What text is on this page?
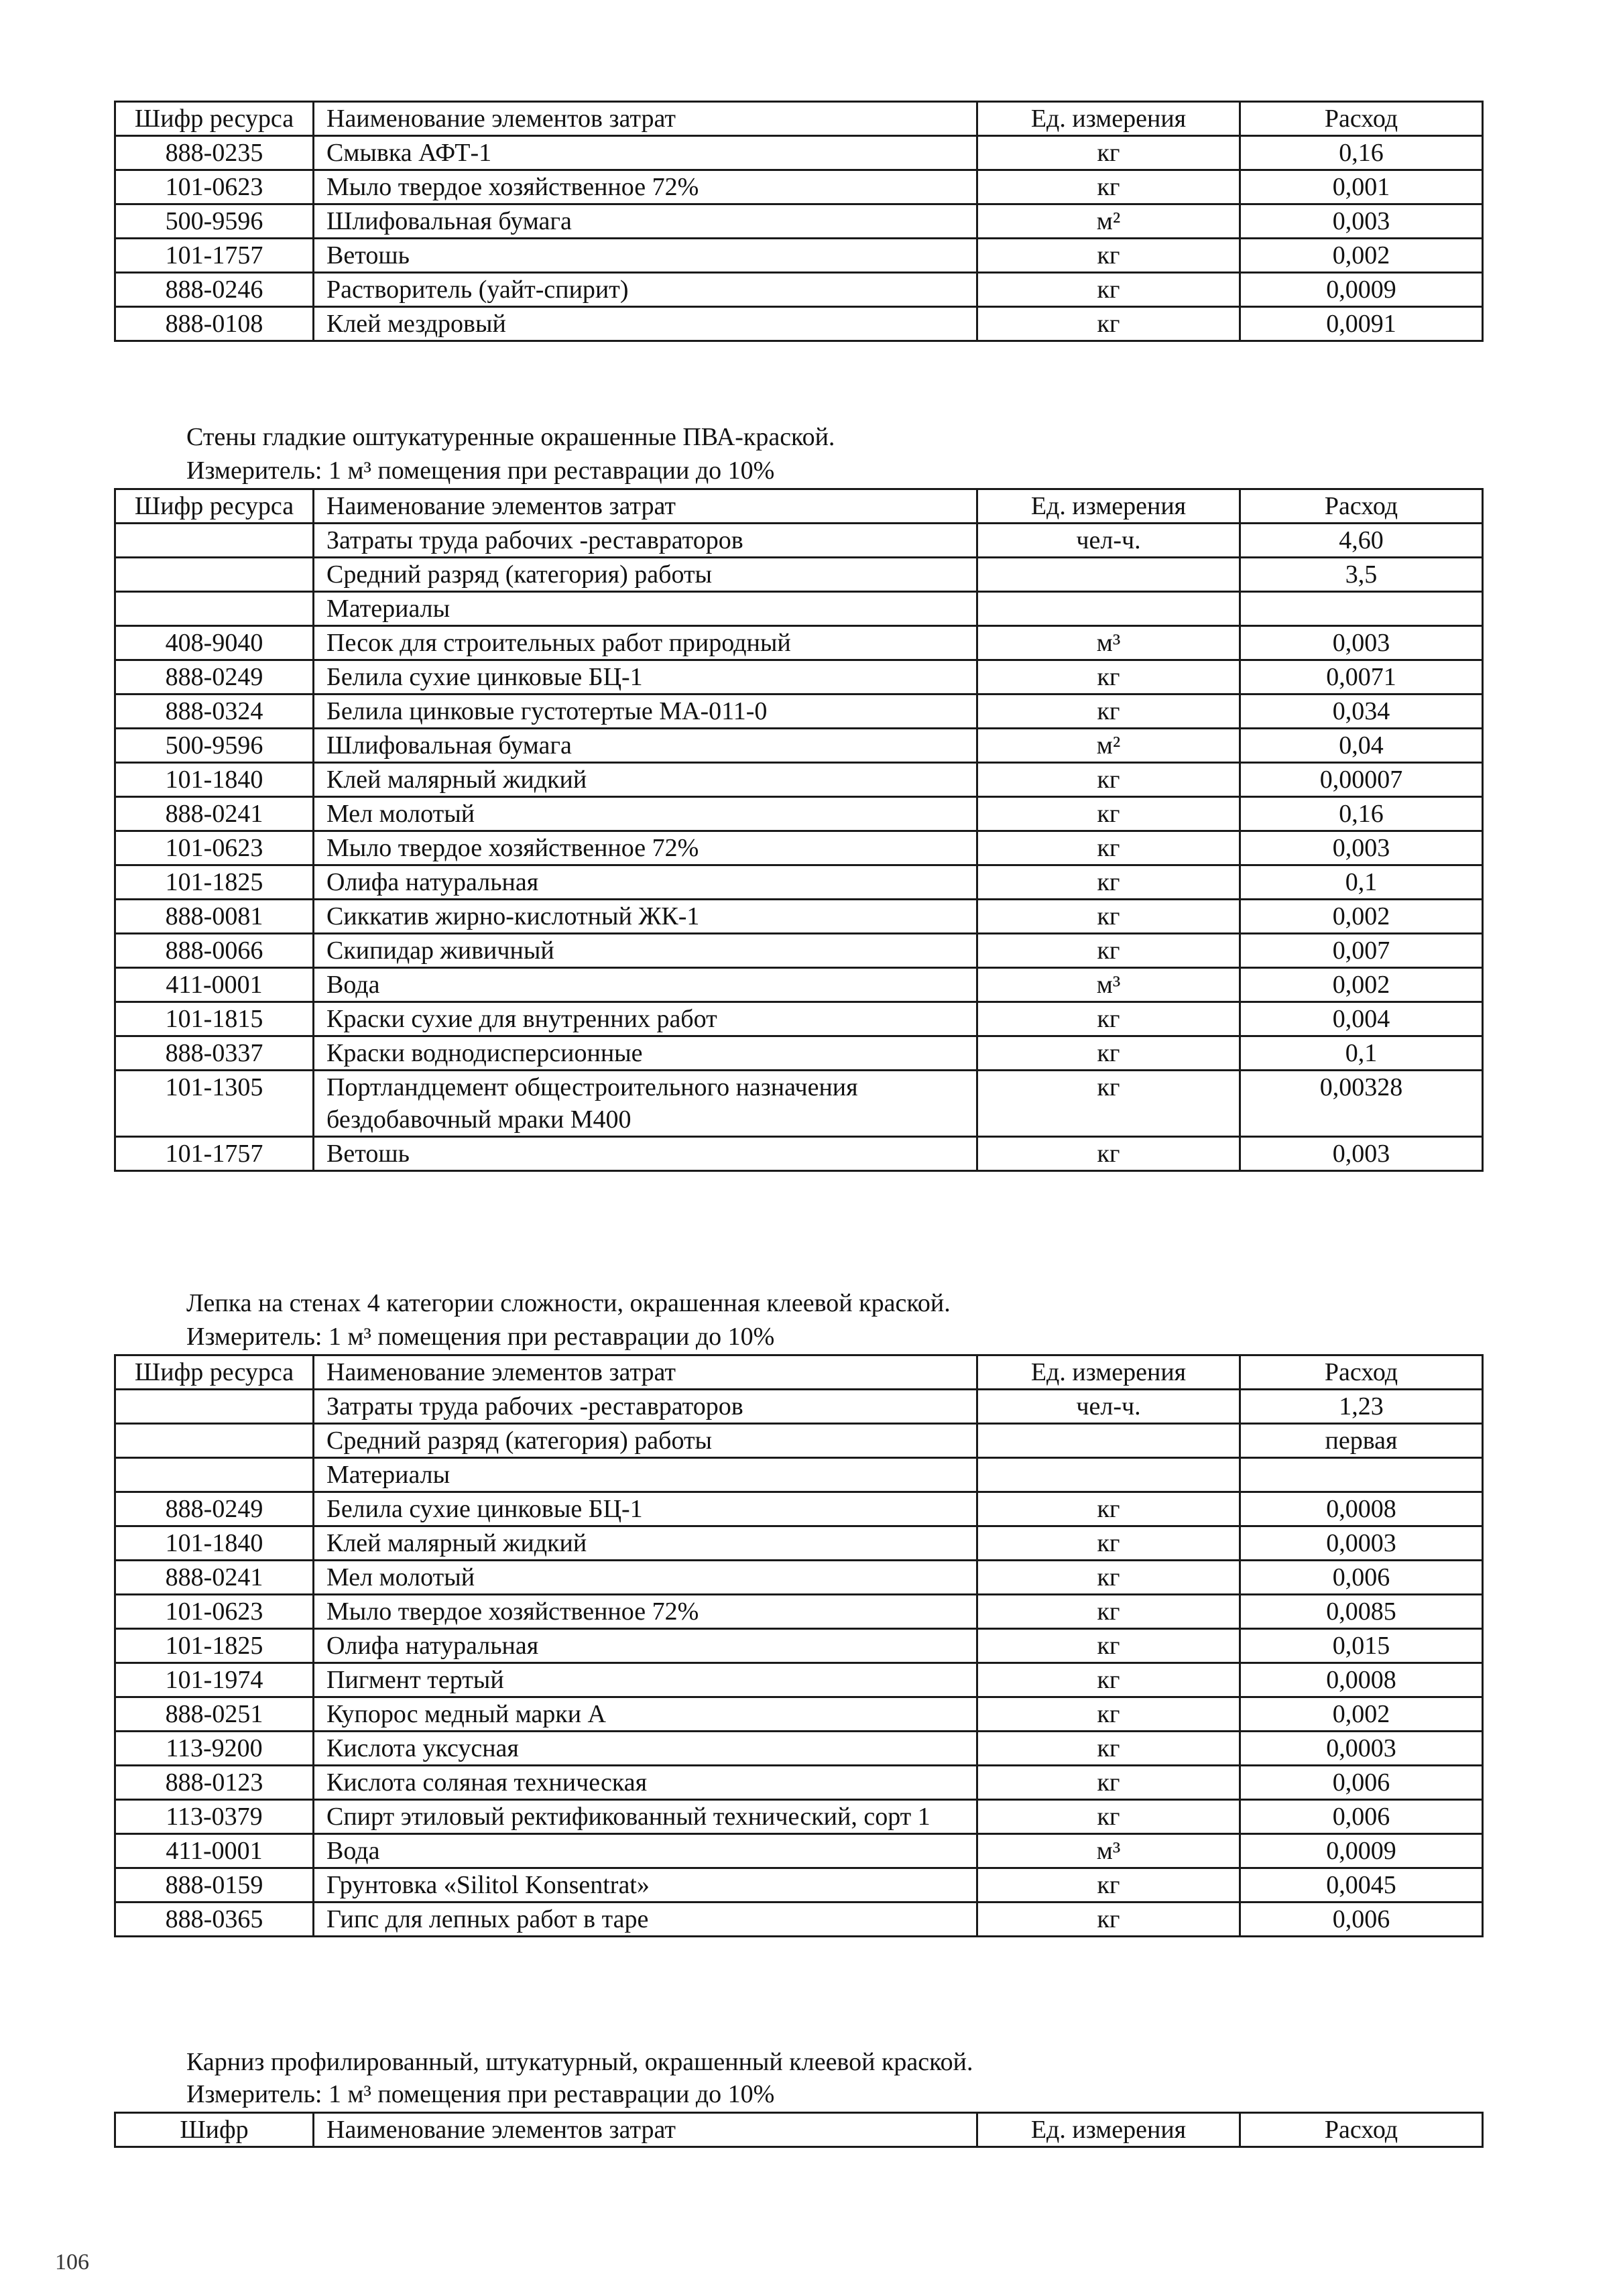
Шифр ресурса	Наименование элементов затрат	Ед. измерения	Расход
888-0235	Смывка АФТ-1	кг	0,16
101-0623	Мыло твердое хозяйственное 72%	кг	0,001
500-9596	Шлифовальная бумага	м²	0,003
101-1757	Ветошь	кг	0,002
888-0246	Растворитель (уайт-спирит)	кг	0,0009
888-0108	Клей мездровый	кг	0,0091
Стены гладкие оштукатуренные окрашенные ПВА-краской.
Измеритель: 1 м³ помещения при реставрации до 10%
Шифр ресурса	Наименование элементов затрат	Ед. измерения	Расход
	Затраты труда рабочих -реставраторов	чел-ч.	4,60
	Средний разряд (категория) работы		3,5
	Материалы		
408-9040	Песок для строительных работ природный	м³	0,003
888-0249	Белила сухие цинковые БЦ-1	кг	0,0071
888-0324	Белила цинковые густотертые МА-011-0	кг	0,034
500-9596	Шлифовальная бумага	м²	0,04
101-1840	Клей малярный жидкий	кг	0,00007
888-0241	Мел молотый	кг	0,16
101-0623	Мыло твердое хозяйственное 72%	кг	0,003
101-1825	Олифа натуральная	кг	0,1
888-0081	Сиккатив жирно-кислотный ЖК-1	кг	0,002
888-0066	Скипидар живичный	кг	0,007
411-0001	Вода	м³	0,002
101-1815	Краски сухие для внутренних работ	кг	0,004
888-0337	Краски воднодисперсионные	кг	0,1
101-1305	Портландцемент общестроительного назначения бездобавочный мраки М400	кг	0,00328
101-1757	Ветошь	кг	0,003
Лепка на стенах 4 категории сложности, окрашенная клеевой краской.
Измеритель: 1 м³ помещения при реставрации до 10%
Шифр ресурса	Наименование элементов затрат	Ед. измерения	Расход
	Затраты труда рабочих -реставраторов	чел-ч.	1,23
	Средний разряд (категория) работы		первая
	Материалы		
888-0249	Белила сухие цинковые БЦ-1	кг	0,0008
101-1840	Клей малярный жидкий	кг	0,0003
888-0241	Мел молотый	кг	0,006
101-0623	Мыло твердое хозяйственное 72%	кг	0,0085
101-1825	Олифа натуральная	кг	0,015
101-1974	Пигмент тертый	кг	0,0008
888-0251	Купорос медный марки А	кг	0,002
113-9200	Кислота уксусная	кг	0,0003
888-0123	Кислота соляная техническая	кг	0,006
113-0379	Спирт этиловый ректификованный технический, сорт 1	кг	0,006
411-0001	Вода	м³	0,0009
888-0159	Грунтовка «Silitol Konsentrat»	кг	0,0045
888-0365	Гипс для лепных работ в таре	кг	0,006
Карниз профилированный, штукатурный, окрашенный клеевой краской.
Измеритель: 1 м³ помещения при реставрации до 10%
Шифр	Наименование элементов затрат	Ед. измерения	Расход
106
